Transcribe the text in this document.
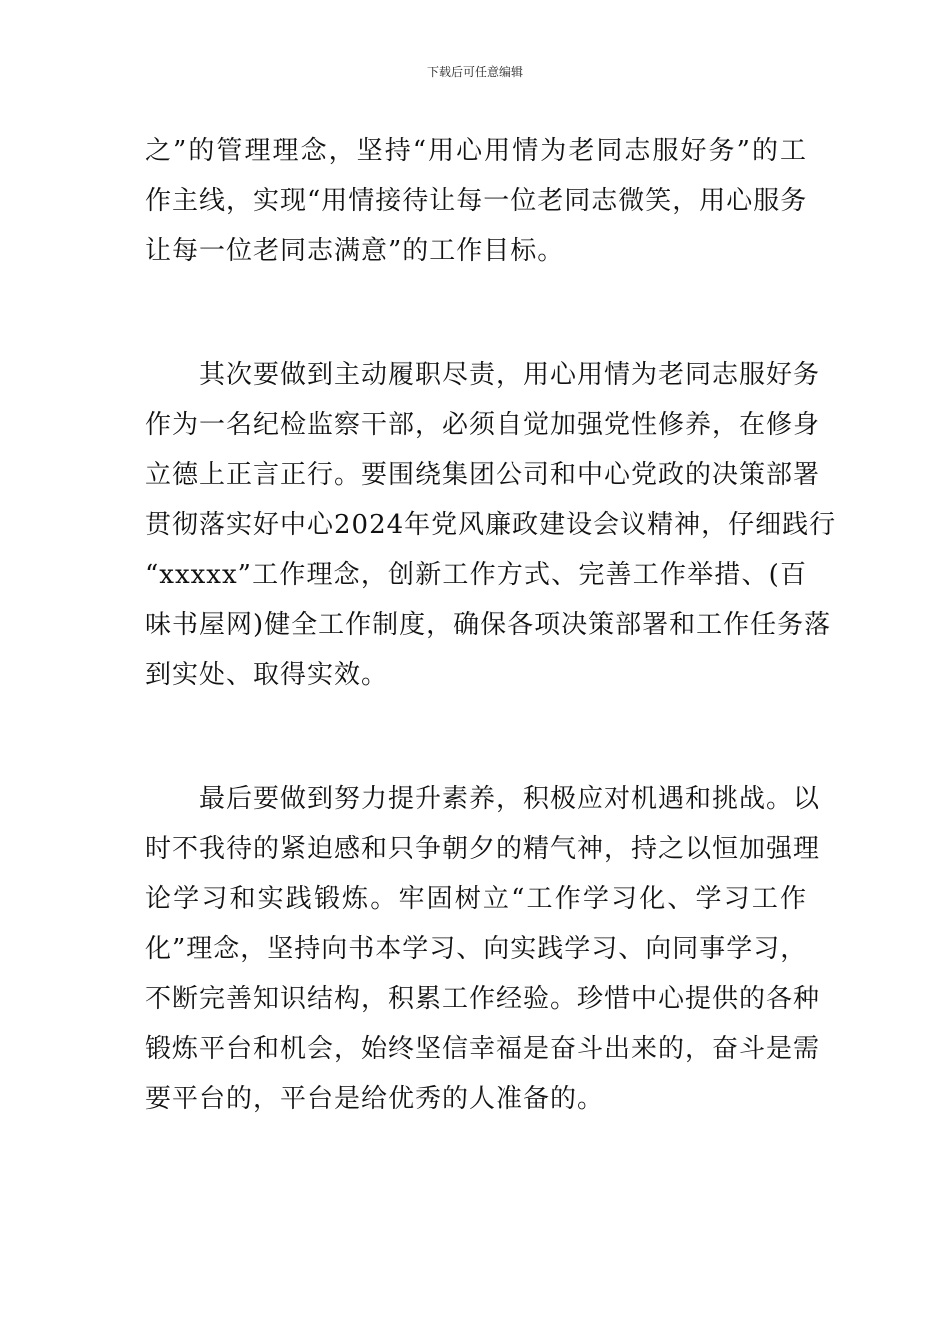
下载后可任意编辑
之”的管理理念，坚持“用心用情为老同志服好务”的工
作主线，实现“用情接待让每一位老同志微笑，用心服务
让每一位老同志满意”的工作目标。
其次要做到主动履职尽责，用心用情为老同志服好务
作为一名纪检监察干部，必须自觉加强党性修养，在修身
立德上正言正行。要围绕集团公司和中心党政的决策部署
贯彻落实好中心2024年党风廉政建设会议精神，仔细践行
“xxxxx”工作理念，创新工作方式、完善工作举措、(百
味书屋网)健全工作制度，确保各项决策部署和工作任务落
到实处、取得实效。
最后要做到努力提升素养，积极应对机遇和挑战。以
时不我待的紧迫感和只争朝夕的精气神，持之以恒加强理
论学习和实践锻炼。牢固树立“工作学习化、学习工作
化”理念，坚持向书本学习、向实践学习、向同事学习，
不断完善知识结构，积累工作经验。珍惜中心提供的各种
锻炼平台和机会，始终坚信幸福是奋斗出来的，奋斗是需
要平台的，平台是给优秀的人准备的。
